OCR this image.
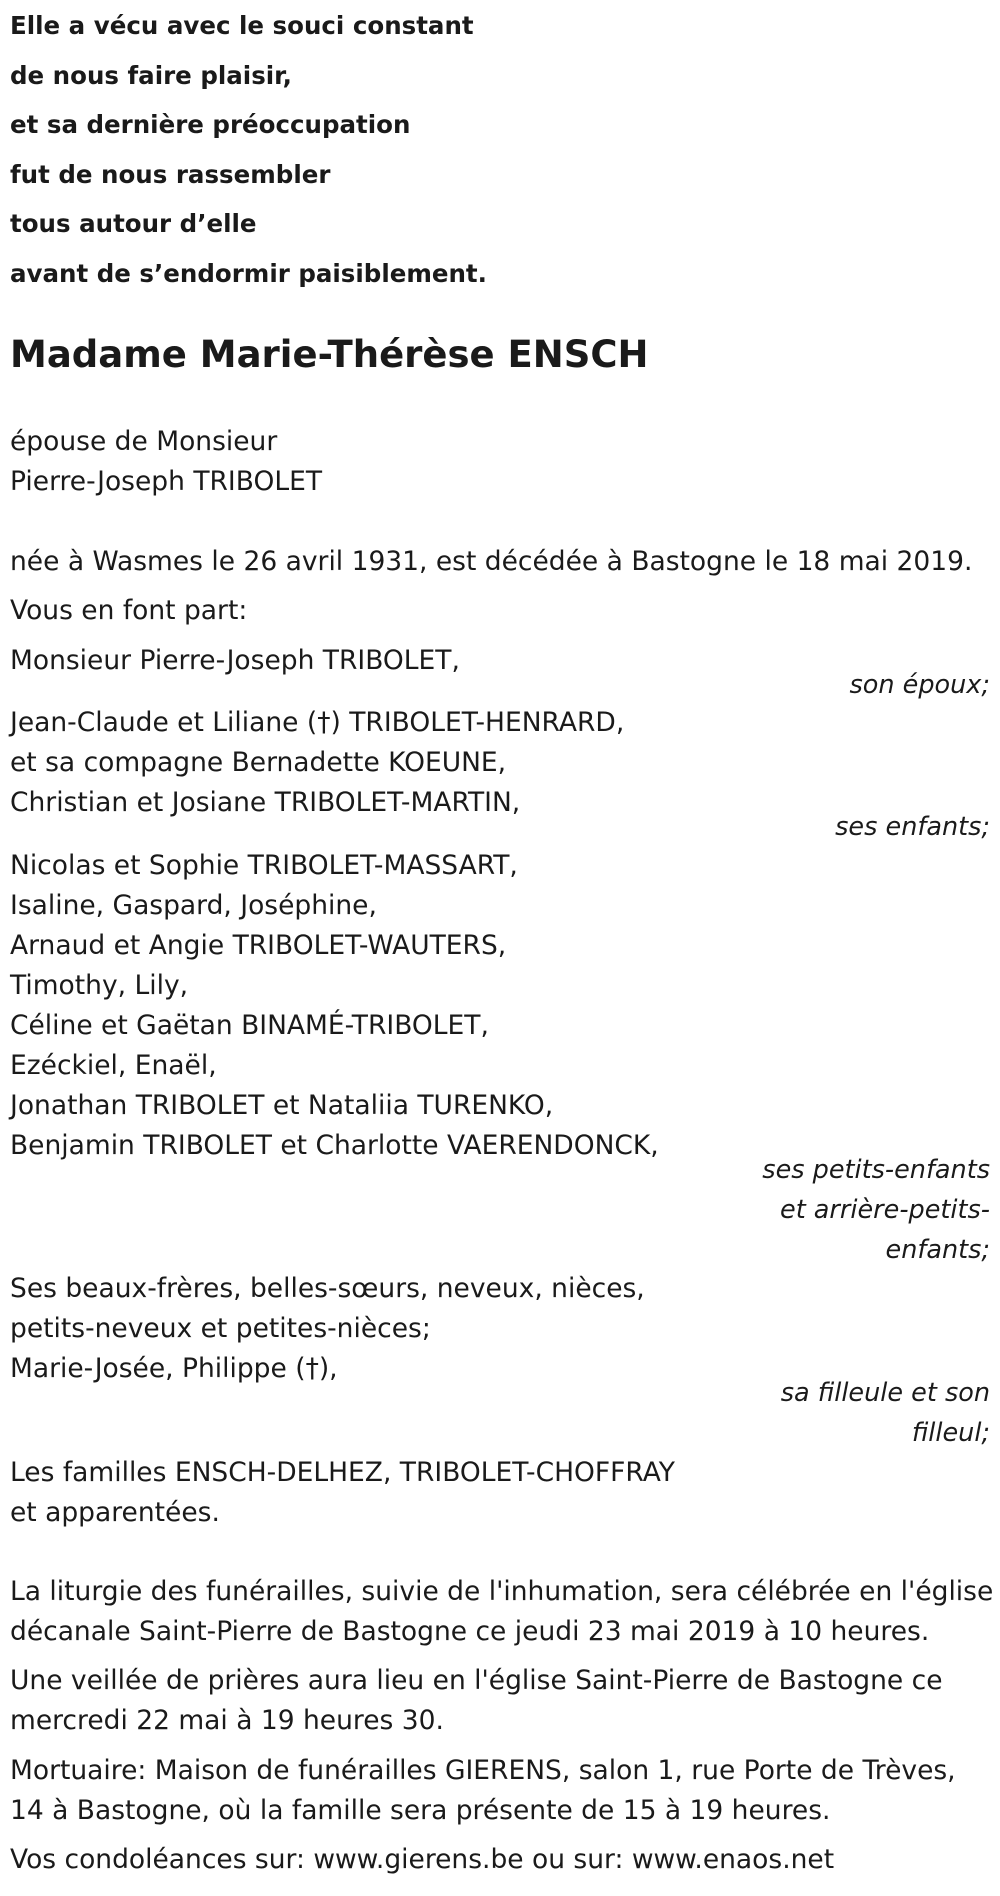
Elle a vécu avec le souci constant
de nous faire plaisir,
et sa dernière préoccupation
fut de nous rassembler
tous autour d’elle
avant de s’endormir paisiblement.
Madame Marie-Thérèse ENSCH
épouse de Monsieur
Pierre-Joseph TRIBOLET
née à Wasmes le 26 avril 1931, est décédée à Bastogne le 18 mai 2019.
Vous en font part:
Monsieur Pierre-Joseph TRIBOLET,
son époux;
Jean-Claude et Liliane (†) TRIBOLET-HENRARD,
et sa compagne Bernadette KOEUNE,
Christian et Josiane TRIBOLET-MARTIN,
ses enfants;
Nicolas et Sophie TRIBOLET-MASSART,
Isaline, Gaspard, Joséphine,
Arnaud et Angie TRIBOLET-WAUTERS,
Timothy, Lily,
Céline et Gaëtan BINAMÉ-TRIBOLET,
Ezéckiel, Enaël,
Jonathan TRIBOLET et Nataliia TURENKO,
Benjamin TRIBOLET et Charlotte VAERENDONCK,
ses petits-enfants
et arrière-petits-
enfants;
Ses beaux-frères, belles-sœurs, neveux, nièces,
petits-neveux et petites-nièces;
Marie-Josée, Philippe (†),
sa filleule et son
filleul;
Les familles ENSCH-DELHEZ, TRIBOLET-CHOFFRAY
et apparentées.
La liturgie des funérailles, suivie de l'inhumation, sera célébrée en l'église
décanale Saint-Pierre de Bastogne ce jeudi 23 mai 2019 à 10 heures.
Une veillée de prières aura lieu en l'église Saint-Pierre de Bastogne ce
mercredi 22 mai à 19 heures 30.
Mortuaire: Maison de funérailles GIERENS, salon 1, rue Porte de Trèves,
14 à Bastogne, où la famille sera présente de 15 à 19 heures.
Vos condoléances sur: www.gierens.be ou sur: www.enaos.net
